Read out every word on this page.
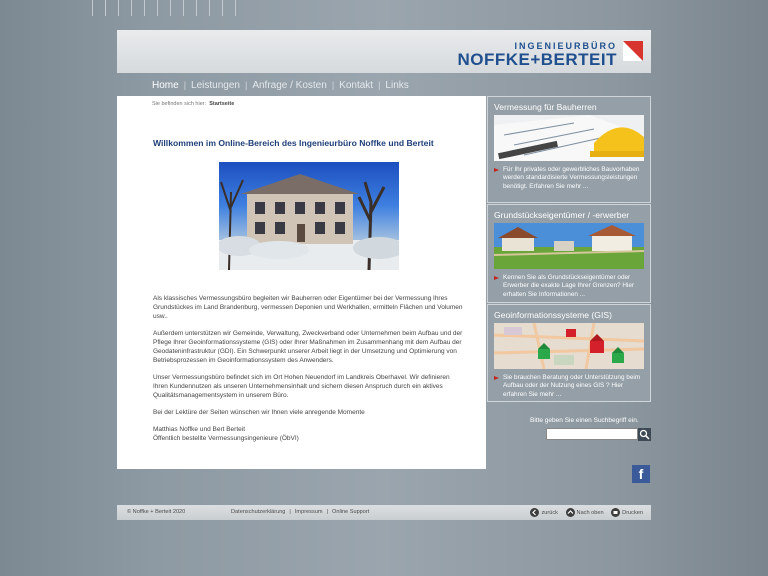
INGENIEURBÜRO
NOFFKE+BERTEIT
Home | Leistungen | Anfrage / Kosten | Kontakt | Links
Sie befinden sich hier: Startseite
Willkommen im Online-Bereich des Ingenieurbüro Noffke und Berteit

Als klassisches Vermessungsbüro begleiten wir Bauherren oder Eigentümer bei der Vermessung Ihres Grundstückes im Land Brandenburg, vermessen Deponien und Werkhallen, ermitteln Flächen und Volumen usw..

Außerdem unterstützen wir Gemeinde, Verwaltung, Zweckverband oder Unternehmen beim Aufbau und der Pflege Ihrer Geoinformationssysteme (GIS) oder Ihrer Maßnahmen im Zusammenhang mit dem Aufbau der Geodateninfrastruktur (GDI). Ein Schwerpunkt unserer Arbeit liegt in der Umsetzung und Optimierung von Betriebsprozessen im Geoinformationssystem des Anwenders.

Unser Vermessungsbüro befindet sich im Ort Hohen Neuendorf im Landkreis Oberhavel. Wir definieren Ihren Kundennutzen als unseren Unternehmensinhalt und sichern diesen Anspruch durch ein aktives Qualitätsmanagementsystem in unserem Büro.

Bei der Lektüre der Seiten wünschen wir Ihnen viele anregende Momente

Matthias Noffke und Bert Berteit
Öffentlich bestellte Vermessungsingenieure (ÖbVI)
Vermessung für Bauherren
Für Ihr privates oder gewerbliches Bauvorhaben werden standardisierte Vermessungsleistungen benötigt. Erfahren Sie mehr ...
Grundstückseigentümer / -erwerber
Kennen Sie als Grundstückseigentümer oder Erwerber die exakte Lage Ihrer Grenzen? Hier erhalten Sie Informationen ...
Geoinformationssysteme (GIS)
Sie brauchen Beratung oder Unterstützung beim Aufbau oder der Nutzung eines GIS ? Hier erfahren Sie mehr ...
Bitte geben Sie einen Suchbegriff ein.
f
© Noffke + Berteit 2020	Datenschutzerklärung | Impressum | Online Support	zurück	Nach oben	Drucken
